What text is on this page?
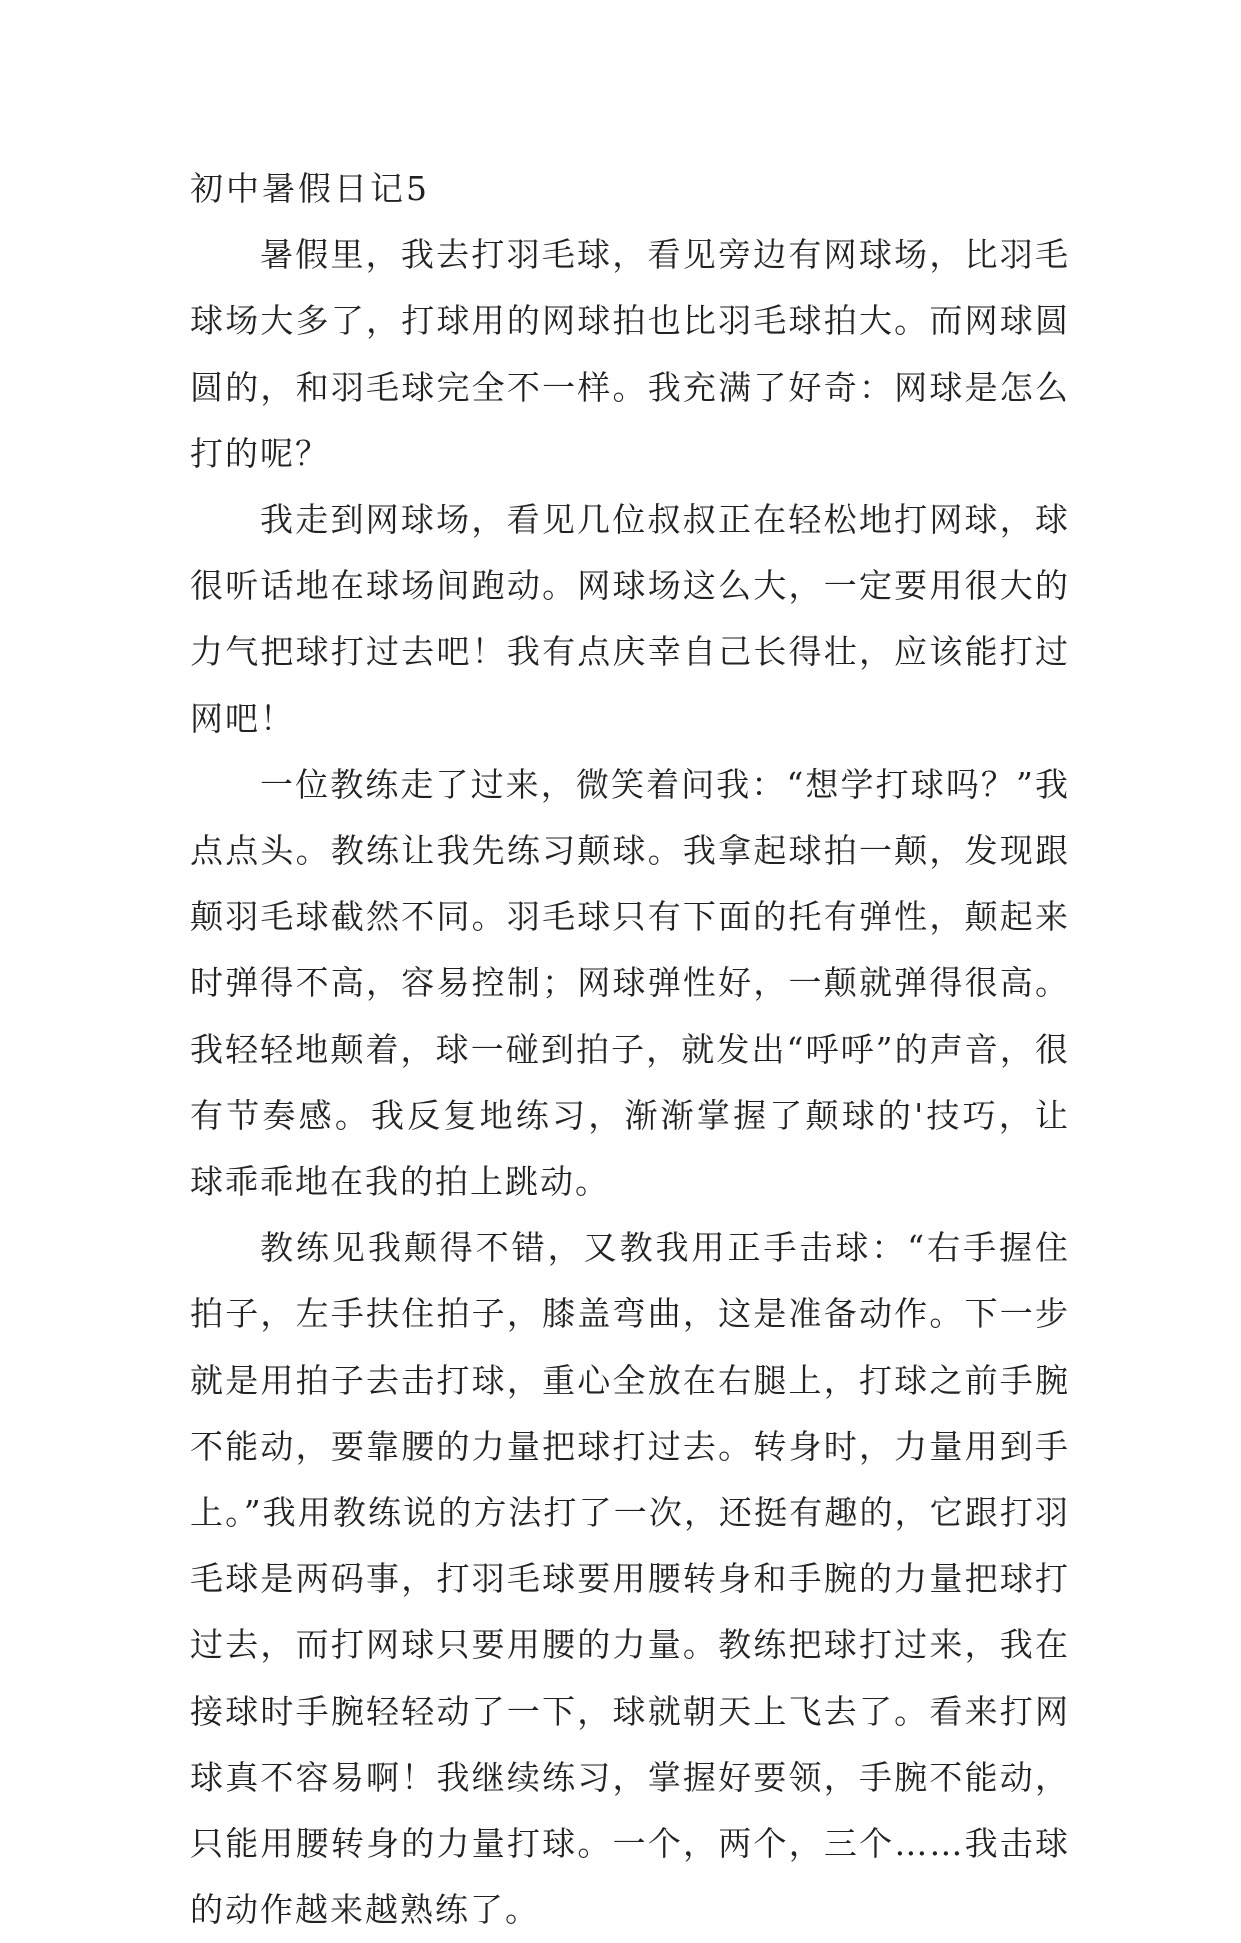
初中暑假日记5

暑假里，我去打羽毛球，看见旁边有网球场，比羽毛球场大多了，打球用的网球拍也比羽毛球拍大。而网球圆圆的，和羽毛球完全不一样。我充满了好奇：网球是怎么打的呢？

我走到网球场，看见几位叔叔正在轻松地打网球，球很听话地在球场间跑动。网球场这么大，一定要用很大的力气把球打过去吧！我有点庆幸自己长得壮，应该能打过网吧！

一位教练走了过来，微笑着问我：“想学打球吗？”我点点头。教练让我先练习颠球。我拿起球拍一颠，发现跟颠羽毛球截然不同。羽毛球只有下面的托有弹性，颠起来时弹得不高，容易控制；网球弹性好，一颠就弹得很高。我轻轻地颠着，球一碰到拍子，就发出“呼呼”的声音，很有节奏感。我反复地练习，渐渐掌握了颠球的'技巧，让球乖乖地在我的拍上跳动。

教练见我颠得不错，又教我用正手击球：“右手握住拍子，左手扶住拍子，膝盖弯曲，这是准备动作。下一步就是用拍子去击打球，重心全放在右腿上，打球之前手腕不能动，要靠腰的力量把球打过去。转身时，力量用到手上。”我用教练说的方法打了一次，还挺有趣的，它跟打羽毛球是两码事，打羽毛球要用腰转身和手腕的力量把球打过去，而打网球只要用腰的力量。教练把球打过来，我在接球时手腕轻轻动了一下，球就朝天上飞去了。看来打网球真不容易啊！我继续练习，掌握好要领，手腕不能动，只能用腰转身的力量打球。一个，两个，三个……我击球的动作越来越熟练了。
